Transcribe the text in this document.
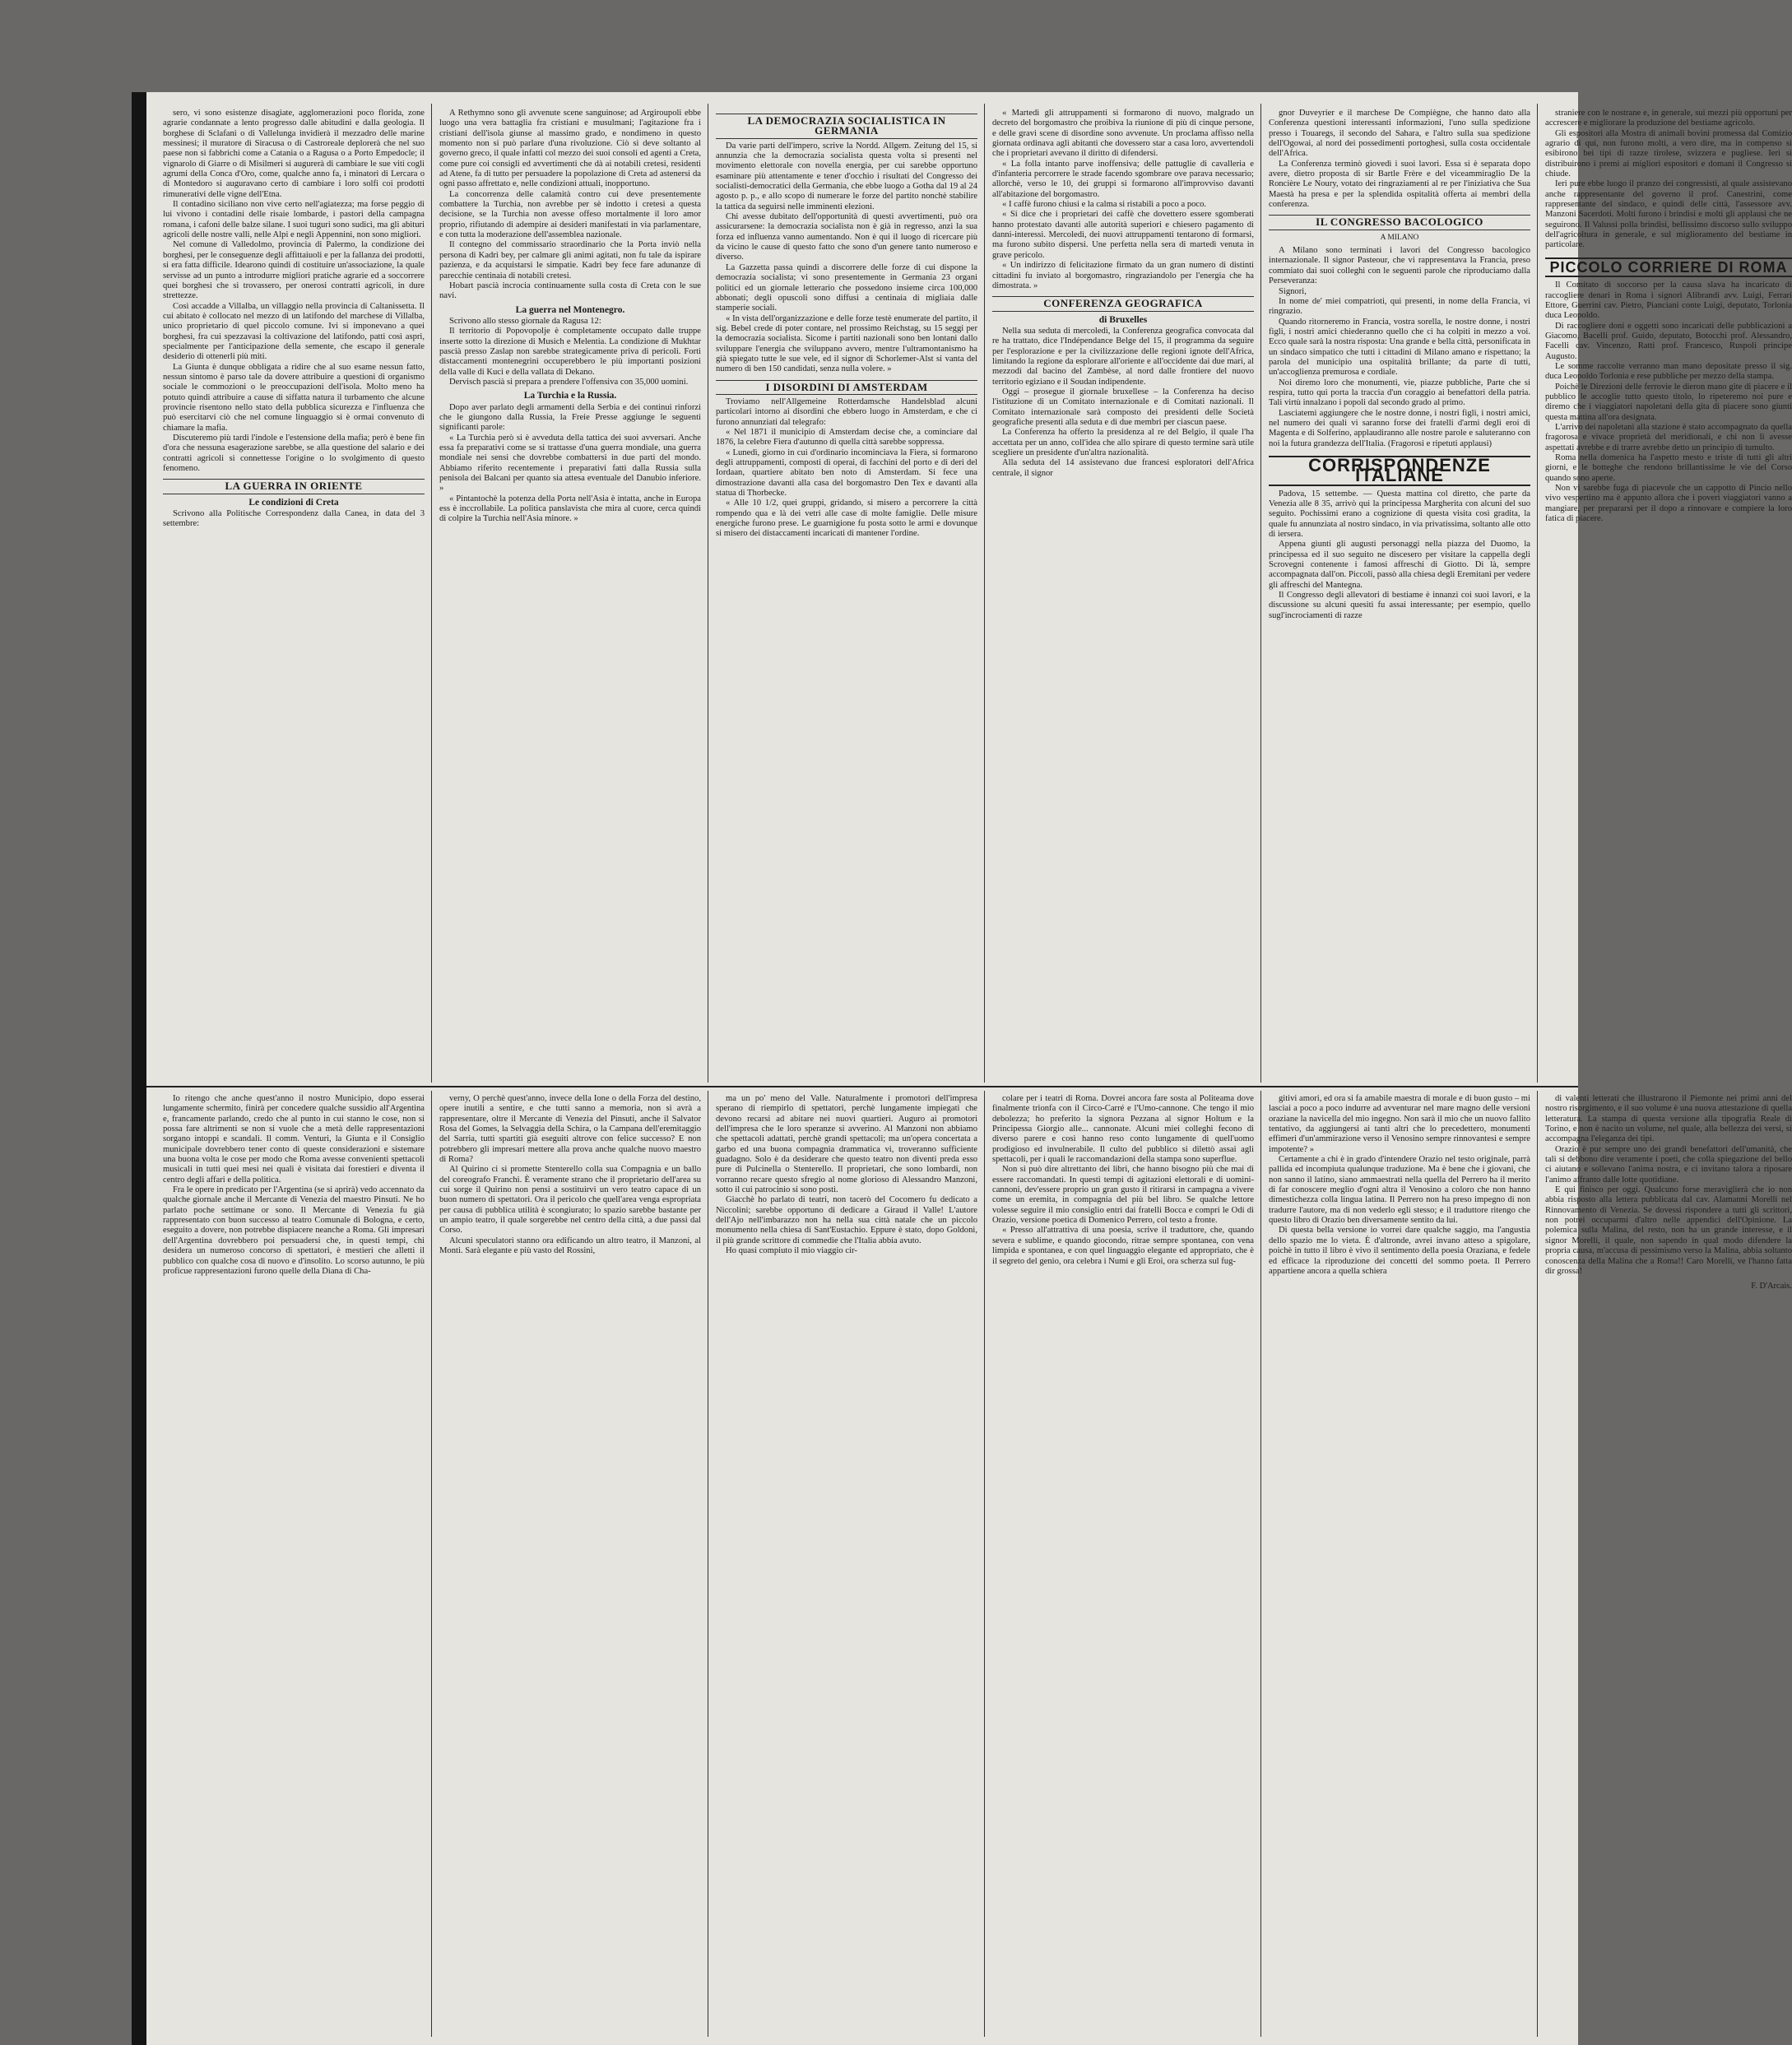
sero, vi sono esistenze disagiate, agglomerazioni poco florida, zone agrarie condannate a lento progresso dalle abitudini e dalla geologia. Il borghese di Sclafani o di Vallelunga invidierà il mezzadro delle marine messinesi; il muratore di Siracusa o di Castroreale deplorerà che nel suo paese non si fabbrichi come a Catania o a Ragusa o a Porto Empedocle; il vignarolo di Giarre o di Misilmeri si augurerà di cambiare le sue viti cogli agrumi della Conca d'Oro, come, qualche anno fa, i minatori di Lercara o di Montedoro si auguravano certo di cambiare i loro solfi coi prodotti rimunerativi delle vigne dell'Etna.

Il contadino siciliano non vive certo nell'agiatezza; ma forse peggio di lui vivono i contadini delle risaie lombarde, i pastori della campagna romana, i cafoni delle balze silane. I suoi tuguri sono sudici, ma gli abituri agricoli delle nostre valli, nelle Alpi e negli Appennini, non sono migliori.

Nel comune di Valledolmo, provincia di Palermo, la condizione dei borghesi, per le conseguenze degli affittaiuoli e per la fallanza dei prodotti, si era fatta difficile. Idearono quindi di costituire un'associazione, la quale servisse ad un punto a introdurre migliori pratiche agrarie ed a soccorrere quei borghesi che si trovassero, per onerosi contratti agricoli, in dure strettezze.

Così accadde a Villalba, un villaggio nella provincia di Caltanissetta. Il cui abitato è collocato nel mezzo di un latifondo del marchese di Villalba, unico proprietario di quel piccolo comune. Ivi si imponevano a quei borghesi, fra cui spezzavasi la coltivazione del latifondo, patti così aspri, specialmente per l'anticipazione della semente, che escapo il generale desiderio di ottenerli più miti.

La Giunta è dunque obbligata a ridire che al suo esame nessun fatto, nessun sintomo è parso tale da dovere attribuire a questioni di organismo sociale le commozioni o le preoccupazioni dell'isola. Molto meno ha potuto quindi attribuire a cause di siffatta natura il turbamento che alcune provincie risentono nello stato della pubblica sicurezza e l'influenza che può esercitarvi ciò che nel comune linguaggio si è ormai convenuto di chiamare la mafia.

Discuteremo più tardi l'indole e l'estensione della mafia; però è bene fin d'ora che nessuna esagerazione sarebbe, se alla questione del salario e dei contratti agricoli si connettesse l'origine o lo svolgimento di questo fenomeno.

LA GUERRA IN ORIENTE
Le condizioni di Creta

Scrivono alla Politische Correspondenz dalla Canea, in data del 3 settembre:

A Rethymno sono gli avvenute scene sanguinose; ad Argiroupoli ebbe luogo una vera battaglia fra cristiani e musulmani; l'agitazione fra i cristiani dell'isola giunse al massimo grado, e nondimeno in questo momento non si può parlare d'una rivoluzione. Ciò si deve soltanto al governo greco, il quale infatti col mezzo dei suoi consoli ed agenti a Creta, come pure coi consigli ed avvertimenti che dà ai notabili cretesi, residenti ad Atene, fa di tutto per persuadere la popolazione di Creta ad astenersi da ogni passo affrettato e, nelle condizioni attuali, inopportuno.

La concorrenza delle calamità contro cui deve presentemente combattere la Turchia, non avrebbe per sè indotto i cretesi a questa decisione, se la Turchia non avesse offeso mortalmente il loro amor proprio, rifiutando di adempire ai desideri manifestati in via parlamentare, e con tutta la moderazione dell'assemblea nazionale.

Il contegno del commissario straordinario che la Porta inviò nella persona di Kadri bey, per calmare gli animi agitati, non fu tale da ispirare pazienza, e da acquistarsi le simpatie. Kadri bey fece fare adunanze di parecchie centinaia di notabili cretesi.

Hobart pascià incrocia continuamente sulla costa di Creta con le sue navi.

La guerra nel Montenegro.

Scrivono allo stesso giornale da Ragusa 12:

Il territorio di Popovopolje è completamente occupato dalle truppe inserte sotto la direzione di Musich e Melentia. La condizione di Mukhtar pascià presso Zaslap non sarebbe strategicamente priva di pericoli. Forti distaccamenti montenegrini occuperebbero le più importanti posizioni della valle di Kuci e della vallata di Dekano.

Dervisch pascià si prepara a prendere l'offensiva con 35,000 uomini.

La Turchia e la Russia.

Dopo aver parlato degli armamenti della Serbia e dei continui rinforzi che le giungono dalla Russia, la Freie Presse aggiunge le seguenti significanti parole:

« La Turchia però si è avveduta della tattica dei suoi avversari. Anche essa fa preparativi come se si trattasse d'una guerra mondiale, una guerra mondiale nei sensi che dovrebbe combattersi in due parti del mondo. Abbiamo riferito recentemente i preparativi fatti dalla Russia sulla penisola dei Balcani per quanto sia attesa eventuale del Danubio inferiore. »

« Pintantochè la potenza della Porta nell'Asia è intatta, anche in Europa ess è inccrollabile. La politica panslavista che mira al cuore, cerca quindi di colpire la Turchia nell'Asia minore. »

LA DEMOCRAZIA SOCIALISTICA IN GERMANIA

Da varie parti dell'impero, scrive la Nordd. Allgem. Zeitung del 15, si annunzia che la democrazia socialista questa volta si presenti nel movimento elettorale con novella energia, per cui sarebbe opportuno esaminare più attentamente e tener d'occhio i risultati del Congresso dei socialisti-democratici della Germania, che ebbe luogo a Gotha dal 19 al 24 agosto p. p., e allo scopo di numerare le forze del partito nonchè stabilire la tattica da seguirsi nelle imminenti elezioni.

Chi avesse dubitato dell'opportunità di questi avvertimenti, può ora assicurarsene: la democrazia socialista non è già in regresso, anzi la sua forza ed influenza vanno aumentando. Non è qui il luogo di ricercare più da vicino le cause di questo fatto che sono d'un genere tanto numeroso e diverso.

La Gazzetta passa quindi a discorrere delle forze di cui dispone la democrazia socialista; vi sono presentemente in Germania 23 organi politici ed un giornale letterario che possedono insieme circa 100,000 abbonati; degli opuscoli sono diffusi a centinaia di migliaia dalle stamperie sociali.

« In vista dell'organizzazione e delle forze testè enumerate del partito, il sig. Bebel crede di poter contare, nel prossimo Reichstag, su 15 seggi per la democrazia socialista. Sicome i partiti nazionali sono ben lontani dallo sviluppare l'energia che sviluppano avvero, mentre l'ultramontanismo ha già spiegato tutte le sue vele, ed il signor di Schorlemer-Alst si vanta del numero di ben 150 candidati, senza nulla volere. »

I DISORDINI DI AMSTERDAM

Troviamo nell'Allgemeine Rotterdamsche Handelsblad alcuni particolari intorno ai disordini che ebbero luogo in Amsterdam, e che ci furono annunziati dal telegrafo:

« Nel 1871 il municipio di Amsterdam decise che, a cominciare dal 1876, la celebre Fiera d'autunno di quella città sarebbe soppressa.

« Lunedì, giorno in cui d'ordinario incominciava la Fiera, si formarono degli attruppamenti, composti di operai, di facchini del porto e di deri del Iordaan, quartiere abitato ben noto di Amsterdam. Si fece una dimostrazione davanti alla casa del borgomastro Den Tex e davanti alla statua di Thorbecke.

« Alle 10 1/2, quei gruppi, gridando, si misero a percorrere la città rompendo qua e là dei vetri alle case di molte famiglie. Delle misure energiche furono prese. Le guarnigione fu posta sotto le armi e dovunque si misero dei distaccamenti incaricati di mantener l'ordine.

« Martedì gli attruppamenti si formarono di nuovo, malgrado un decreto del borgomastro che proibiva la riunione di più di cinque persone, e delle gravi scene di disordine sono avvenute. Un proclama affisso nella giornata ordinava agli abitanti che dovessero star a casa loro, avvertendoli che i proprietari avevano il diritto di difendersi.

« La folla intanto parve inoffensiva; delle pattuglie di cavalleria e d'infanteria percorrere le strade facendo sgombrare ove parava necessario; allorchè, verso le 10, dei gruppi si formarono all'improvviso davanti all'abitazione del borgomastro.

« I caffè furono chiusi e la calma si ristabilì a poco a poco.

« Si dice che i proprietari dei caffè che dovettero essere sgomberati hanno protestato davanti alle autorità superiori e chiesero pagamento di danni-interessi. Mercoledì, dei nuovi attruppamenti tentarono di formarsi, ma furono subito dispersi. Une perfetta nella sera di martedì venuta in grave pericolo.

« Un indirizzo di felicitazione firmato da un gran numero di distinti cittadini fu inviato al borgomastro, ringraziandolo per l'energia che ha dimostrata. »

CONFERENZA GEOGRAFICA
di Bruxelles

Nella sua seduta di mercoledì, la Conferenza geografica convocata dal re ha trattato, dice l'Indépendance Belge del 15, il programma da seguire per l'esplorazione e per la civilizzazione delle regioni ignote dell'Africa, limitando la regione da esplorare all'oriente e all'occidente dai due mari, al mezzodì dal bacino del Zambèse, al nord dalle frontiere del nuovo territorio egiziano e il Soudan indipendente.

Oggi – prosegue il giornale bruxellese – la Conferenza ha deciso l'istituzione di un Comitato internazionale e di Comitati nazionali. Il Comitato internazionale sarà composto dei presidenti delle Società geografiche presenti alla seduta e di due membri per ciascun paese.

La Conferenza ha offerto la presidenza al re del Belgio, il quale l'ha accettata per un anno, coll'idea che allo spirare di questo termine sarà utile scegliere un presidente d'un'altra nazionalità.

Alla seduta del 14 assistevano due francesi esploratori dell'Africa centrale, il signor

gnor Duveyrier e il marchese De Compiègne, che hanno dato alla Conferenza questioni interessanti informazioni, l'uno sulla spedizione presso i Touaregs, il secondo del Sahara, e l'altro sulla sua spedizione dell'Ogowai, al nord dei possedimenti portoghesi, sulla costa occidentale dell'Africa.

La Conferenza terminò giovedì i suoi lavori. Essa si è separata dopo avere, dietro proposta di sir Bartle Frère e del viceammiraglio De la Roncière Le Noury, votato dei ringraziamenti al re per l'iniziativa che Sua Maestà ha presa e per la splendida ospitalità offerta ai membri della conferenza.

IL CONGRESSO BACOLOGICO
A MILANO

A Milano sono terminati i lavori del Congresso bacologico internazionale. Il signor Pasteour, che vi rappresentava la Francia, preso commiato dai suoi colleghi con le seguenti parole che riproduciamo dalla Perseveranza:

Signori,

In nome de' miei compatrioti, qui presenti, in nome della Francia, vi ringrazio.

Quando ritorneremo in Francia, vostra sorella, le nostre donne, i nostri figli, i nostri amici chiederanno quello che ci ha colpiti in mezzo a voi. Ecco quale sarà la nostra risposta: Una grande e bella città, personificata in un sindaco simpatico che tutti i cittadini di Milano amano e rispettano; la parola del municipio una ospitalità brillante; da parte di tutti, un'accoglienza premurosa e cordiale.

Noi diremo loro che monumenti, vie, piazze pubbliche, Parte che si respira, tutto qui porta la traccia d'un coraggio ai benefattori della patria. Tali virtù innalzano i popoli dal secondo grado al primo.

Lasciatemi aggiungere che le nostre donne, i nostri figli, i nostri amici, nel numero dei quali vi saranno forse dei fratelli d'armi degli eroi di Magenta e di Solferino, applaudiranno alle nostre parole e saluteranno con noi la futura grandezza dell'Italia. (Fragorosi e ripetuti applausi)

CORRISPONDENZE ITALIANE

Padova, 15 settembe. — Questa mattina col diretto, che parte da Venezia alle 8 35, arrivò qui la principessa Margherita con alcuni del suo seguito. Pochissimi erano a cognizione di questa visita così gradita, la quale fu annunziata al nostro sindaco, in via privatissima, soltanto alle otto di iersera.

Appena giunti gli augusti personaggi nella piazza del Duomo, la principessa ed il suo seguito ne discesero per visitare la cappella degli Scrovegni contenente i famosi affreschi di Giotto. Di là, sempre accompagnata dall'on. Piccoli, passò alla chiesa degli Eremitani per vedere gli affreschi del Mantegna.

Il Congresso degli allevatori di bestiame è innanzi coi suoi lavori, e la discussione su alcuni quesiti fu assai interessante; per esempio, quello sugl'incrociamenti di razze

straniere con le nostrane e, in generale, sui mezzi più opportuni per accrescere e migliorare la produzione del bestiame agricolo.

Gli espositori alla Mostra di animali bovini promessa dal Comizio agrario di qui, non furono molti, a vero dire, ma in compenso si esibirono bei tipi di razze tirolese, svizzera e pugliese. Ieri si distribuirono i premi ai migliori espositori e domani il Congresso si chiude.

Ieri pure ebbe luogo il pranzo dei congressisti, al quale assistevano anche rappresentante del governo il prof. Canestrini, come rappresentante del sindaco, e quindi delle città, l'assessore avv. Manzoni Sacerdoti. Molti furono i brindisi e molti gli applausi che ne seguirono. Il Valussi polla brindisi, bellissimo discorso sullo sviluppo dell'agricoltura in generale, e sul miglioramento del bestiame in particolare.

PICCOLO CORRIERE DI ROMA

Il Comitato di soccorso per la causa slava ha incaricato di raccogliere denari in Roma i signori Alibrandi avv. Luigi, Ferrari Ettore, Guerrini cav. Pietro, Pianciani conte Luigi, deputato, Torlonia duca Leopoldo.

Di raccogliere doni e oggetti sono incaricati delle pubblicazioni a Giacomo, Bacelli prof. Guido, deputato, Botocchi prof. Alessandro, Facelli cav. Vincenzo, Ratti prof. Francesco, Ruspoli principe Augusto.

Le somme raccolte verranno man mano depositate presso il sig. duca Leopoldo Torlonia e rese pubbliche per mezzo della stampa.

Poichè le Direzioni delle ferrovie le dieron mano gite di piacere e il pubblico le accoglie tutto questo titolo, lo ripeteremo noi pure e diremo che i viaggiatori napoletani della gita di piacere sono giunti questa mattina all'ora designata.

L'arrivo dei napoletani alla stazione è stato accompagnato da quella fragorosa e vivace proprietà del meridionali, e chi non li avesse aspettati avrebbe e di trarre avrebbe detto un principio di tumulto.

Roma nella domenica ha l'aspetto mesto e triste di tutti gli altri giorni, e le botteghe che rendono brillantissime le vie del Corso quando sono aperte.

Non vi sarebbe fuga di piacevole che un cappotto di Pincio nello vivo vespertino ma è appunto allora che i poveri viaggiatori vanno a mangiare, per prepararsi per il dopo a rinnovare e compiere la loro fatica di piacere.

Io ritengo che anche quest'anno il nostro Municipio, dopo esserai lungamente schermito, finirà per concedere qualche sussidio all'Argentina e, francamente parlando, credo che al punto in cui stanno le cose, non si possa fare altrimenti se non si vuole che a metà delle rappresentazioni sorgano intoppi e scandali. Il comm. Venturi, la Giunta e il Consiglio municipale dovrebbero tener conto di queste considerazioni e sistemare una buona volta le cose per modo che Roma avesse convenienti spettacoli musicali in tutti quei mesi nei quali è visitata dai forestieri e diventa il centro degli affari e della politica.

Fra le opere in predicato per l'Argentina (se si aprirà) vedo accennato da qualche giornale anche il Mercante di Venezia del maestro Pinsuti. Ne ho parlato poche settimane or sono. Il Mercante di Venezia fu già rappresentato con buon successo al teatro Comunale di Bologna, e certo, eseguito a dovere, non potrebbe dispiacere neanche a Roma. Gli impresari dell'Argentina dovrebbero poi persuadersi che, in questi tempi, chi desidera un numeroso concorso di spettatori, è mestieri che alletti il pubblico con qualche cosa di nuovo e d'insolito. Lo scorso autunno, le più proficue rappresentazioni furono quelle della Diana di Cha-

verny, O perchè quest'anno, invece della Ione o della Forza del destino, opere inutili a sentire, e che tutti sanno a memoria, non si avrà a rappresentare, oltre il Mercante di Venezia del Pinsuti, anche il Salvator Rosa del Gomes, la Selvaggia della Schira, o la Campana dell'eremitaggio del Sarria, tutti spartiti già eseguiti altrove con felice successo? E non potrebbero gli impresari mettere alla prova anche qualche nuovo maestro di Roma?

Al Quirino ci si promette Stenterello colla sua Compagnia e un ballo del coreografo Franchi. È veramente strano che il proprietario dell'area su cui sorge il Quirino non pensi a sostituirvi un vero teatro capace di un buon numero di spettatori. Ora il pericolo che quell'area venga espropriata per causa di pubblica utilità è scongiurato; lo spazio sarebbe bastante per un ampio teatro, il quale sorgerebbe nel centro della città, a due passi dal Corso.

Alcuni speculatori stanno ora edificando un altro teatro, il Manzoni, al Monti. Sarà elegante e più vasto del Rossini,

ma un po' meno del Valle. Naturalmente i promotori dell'impresa sperano di riempirlo di spettatori, perchè lungamente impiegati che devono recarsi ad abitare nei nuovi quartieri. Auguro ai promotori dell'impresa che le loro speranze si avverino. Al Manzoni non abbiamo che spettacoli adattati, perchè grandi spettacoli; ma un'opera concertata a garbo ed una buona compagnia drammatica vi, troveranno sufficiente guadagno. Solo è da desiderare che questo teatro non diventi preda esso pure di Pulcinella o Stenterello. Il proprietari, che sono lombardi, non vorranno recare questo sfregio al nome glorioso di Alessandro Manzoni, sotto il cui patrocinio si sono posti.

Giacchè ho parlato di teatri, non tacerò del Cocomero fu dedicato a Niccolini; sarebbe opportuno di dedicare a Giraud il Valle! L'autore dell'Ajo nell'imbarazzo non ha nella sua città natale che un piccolo monumento nella chiesa di Sant'Eustachio. Eppure è stato, dopo Goldoni, il più grande scrittore di commedie che l'Italia abbia avuto.

Ho quasi compiuto il mio viaggio cir-

colare per i teatri di Roma. Dovrei ancora fare sosta al Politeama dove finalmente trionfa con il Circo-Carré e l'Umo-cannone. Che tengo il mio debolezza; ho preferito la signora Pezzana al signor Holtum e la Principessa Giorgio alle... cannonate. Alcuni miei colleghi fecono di diverso parere e così hanno reso conto lungamente di quell'uomo prodigioso ed invulnerabile. Il culto del pubblico si dilettò assai agli spettacoli, per i quali le raccomandazioni della stampa sono superflue.

Non si può dire altrettanto dei libri, che hanno bisogno più che mai di essere raccomandati. In questi tempi di agitazioni elettorali e di uomini-cannoni, dev'essere proprio un gran gusto il ritirarsi in campagna a vivere come un eremita, in compagnia del più bel libro. Se qualche lettore volesse seguire il mio consiglio entri dai fratelli Bocca e compri le Odi di Orazio, versione poetica di Domenico Perrero, col testo a fronte.

« Presso all'attrattiva di una poesia, scrive il traduttore, che, quando severa e sublime, e quando giocondo, ritrae sempre spontanea, con vena limpida e spontanea, e con quel linguaggio elegante ed appropriato, che è il segreto del genio, ora celebra i Numi e gli Eroi, ora scherza sul fug-

gitivi amori, ed ora si fa amabile maestra di morale e di buon gusto – mi lasciai a poco a poco indurre ad avventurar nel mare magno delle versioni oraziane la navicella del mio ingegno. Non sarà il mio che un nuovo fallito tentativo, da aggiungersi ai tanti altri che lo precedettero, monumenti effimeri d'un'ammirazione verso il Venosino sempre rinnovantesi e sempre impotente? »

Certamente a chi è in grado d'intendere Orazio nel testo originale, parrà pallida ed incompiuta qualunque traduzione. Ma è bene che i giovani, che non sanno il latino, siano ammaestrati nella quella del Perrero ha il merito di far conoscere meglio d'ogni altra il Venosino a coloro che non hanno dimestichezza colla lingua latina. Il Perrero non ha preso impegno di non tradurre l'autore, ma di non vederlo egli stesso; e il traduttore ritengo che questo libro di Orazio ben diversamente sentito da lui.

Di questa bella versione io vorrei dare qualche saggio, ma l'angustia dello spazio me lo vieta. È d'altronde, avrei invano atteso a spigolare, poichè in tutto il libro è vivo il sentimento della poesia Oraziana, e fedele ed efficace la riproduzione dei concetti del sommo poeta. Il Perrero appartiene ancora a quella schiera

di valenti letterati che illustrarono il Piemonte nei primi anni del nostro risorgimento, e il suo volume è una nuova attestazione di quella letteratura. La stampa di questa versione alla tipografia Reale di Torino, e non è nacito un volume, nel quale, alla bellezza dei versi, si accompagna l'eleganza dei tipi.

Orazio è pur sempre uno dei grandi benefattori dell'umanità, che tali si debbono dire veramente i poeti, che colla spiegazione del bello ci aiutano e sollevano l'anima nostra, e ci invitano talora a riposare l'animo affranto dalle lotte quotidiane.

E qui finisco per oggi. Qualcuno forse meraviglierà che io non abbia risposto alla lettera pubblicata dal cav. Alamanni Morelli nel Rinnovamento di Venezia. Se dovessi rispondere a tutti gli scrittori, non potrei occuparmi d'altro nelle appendici dell'Opinione. La polemica sulla Malina, del resto, non ha un grande interesse, e il signor Morelli, il quale, non sapendo in qual modo difendere la propria causa, m'accusa di pessimismo verso la Malina, abbia soltanto conoscenza della Malina che a Roma!! Caro Morelli, ve l'hanno fatta dir grossa!

F. D'Arcais.
